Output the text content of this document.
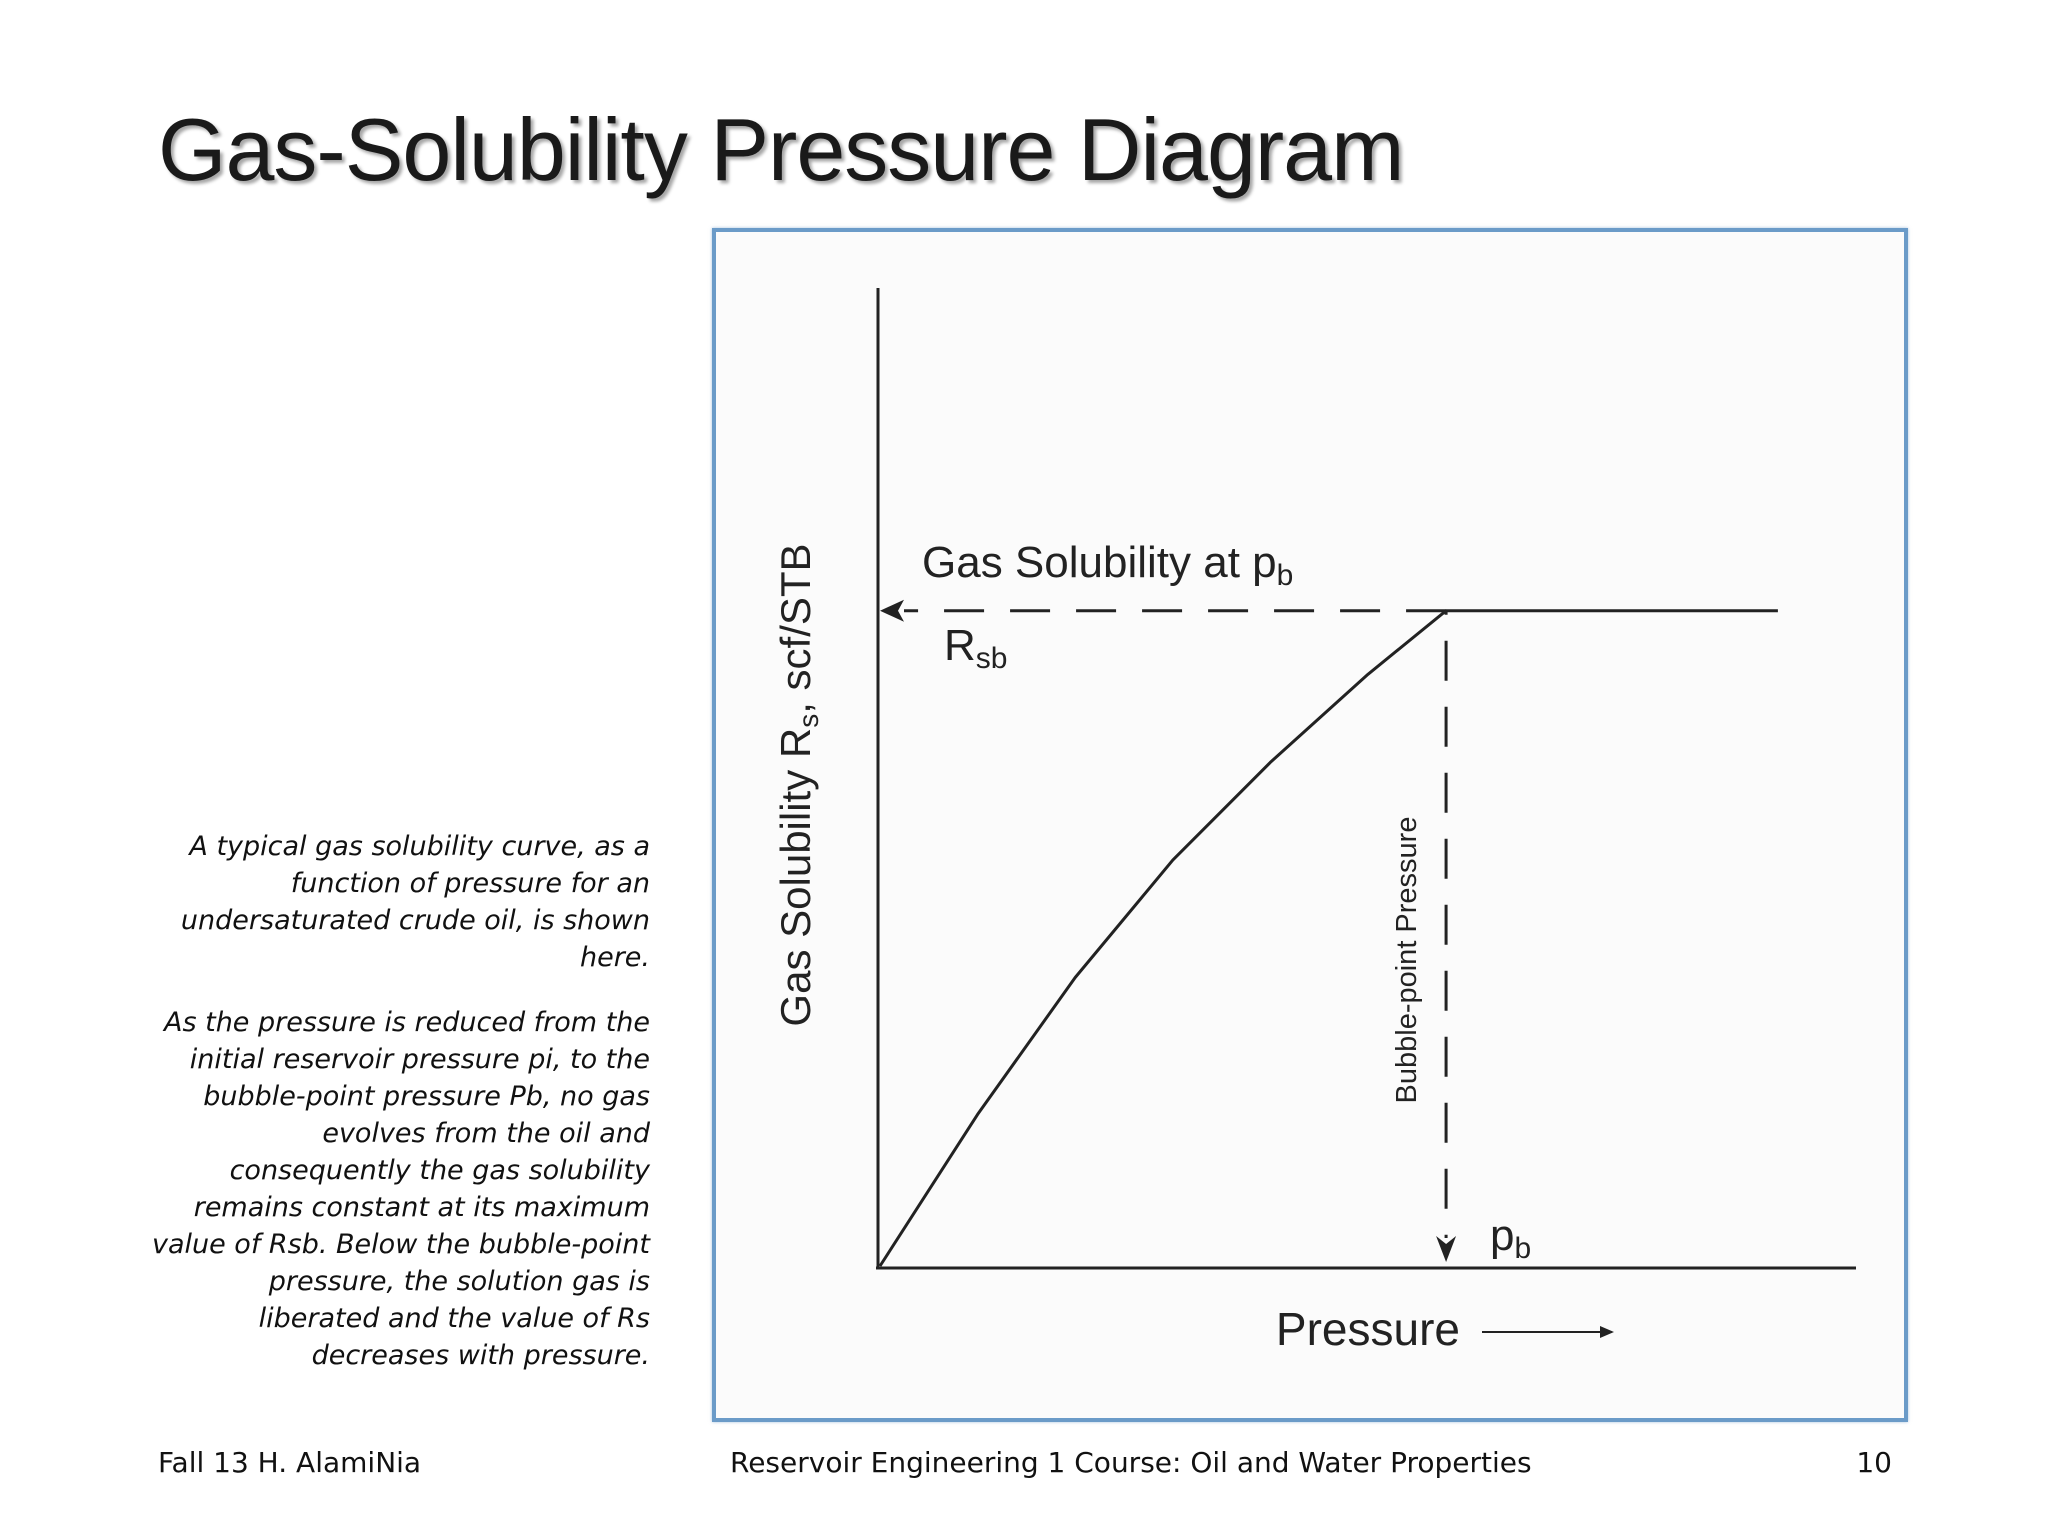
Gas-Solubility Pressure Diagram

A typical gas solubility curve, as a function of pressure for an undersaturated crude oil, is shown here.

As the pressure is reduced from the initial reservoir pressure pi, to the bubble-point pressure Pb, no gas evolves from the oil and consequently the gas solubility remains constant at its maximum value of Rsb. Below the bubble-point pressure, the solution gas is liberated and the value of Rs decreases with pressure.

Gas Solubility Rs, scf/STB Gas Solubility at pb
Rsb
pb
Bubble-point Pressure
Pressure
Fall 13 H. AlamiNia	Reservoir Engineering 1 Course: Oil and Water Properties	10
